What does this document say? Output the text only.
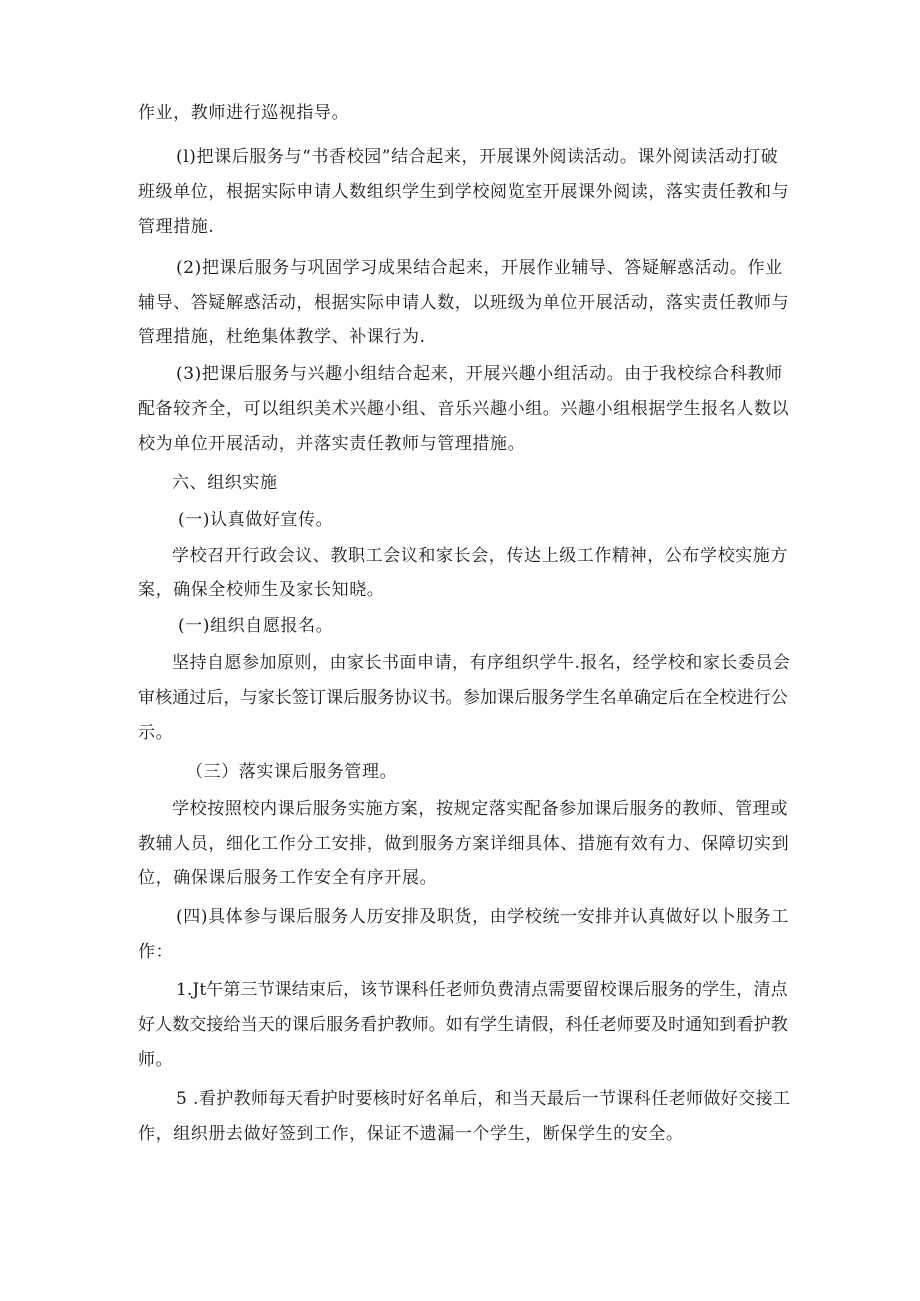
作业，教师进行巡视指导。
(l)把课后服务与“书香校园”结合起来，开展课外阅读活动。课外阅读活动打破
班级单位，根据实际申请人数组织学生到学校阅览室开展课外阅读，落实责任教和与
管理措施.
(2)把课后服务与巩固学习成果结合起来，开展作业辅导、答疑解惑活动。作业
辅导、答疑解惑活动，根据实际申请人数，以班级为单位开展活动，落实责任教师与
管理措施，杜绝集体教学、补课行为.
(3)把课后服务与兴趣小组结合起来，开展兴趣小组活动。由于我校综合科教师
配备较齐全，可以组织美术兴趣小组、音乐兴趣小组。兴趣小组根据学生报名人数以
校为单位开展活动，并落实责任教师与管理措施。
六、组织实施
(一)认真做好宣传。
学校召开行政会议、教职工会议和家长会，传达上级工作精神，公布学校实施方
案，确保全校师生及家长知晓。
(一)组织自愿报名。
坚持自愿参加原则，由家长书面申请，有序组织学牛.报名，经学校和家长委员会
审核通过后，与家长签订课后服务协议书。参加课后服务学生名单确定后在全校进行公
示。
（三）落实课后服务管理。
学校按照校内课后服务实施方案，按规定落实配备参加课后服务的教师、管理或
教辅人员，细化工作分工安排，做到服务方案详细具体、措施有效有力、保障切实到
位，确保课后服务工作安全有序开展。
(四)具体参与课后服务人历安排及职货，由学校统一安排并认真做好以卜服务工
作：
1.Jt午第三节课结束后，该节课科任老师负费清点需要留校课后服务的学生，清点
好人数交接给当天的课后服务看护教师。如有学生请假，科任老师要及时通知到看护教
师。
5 .看护教师每天看护时要核时好名单后，和当天最后一节课科任老师做好交接工
作，组织册去做好签到工作，保证不遗漏一个学生，断保学生的安全。
